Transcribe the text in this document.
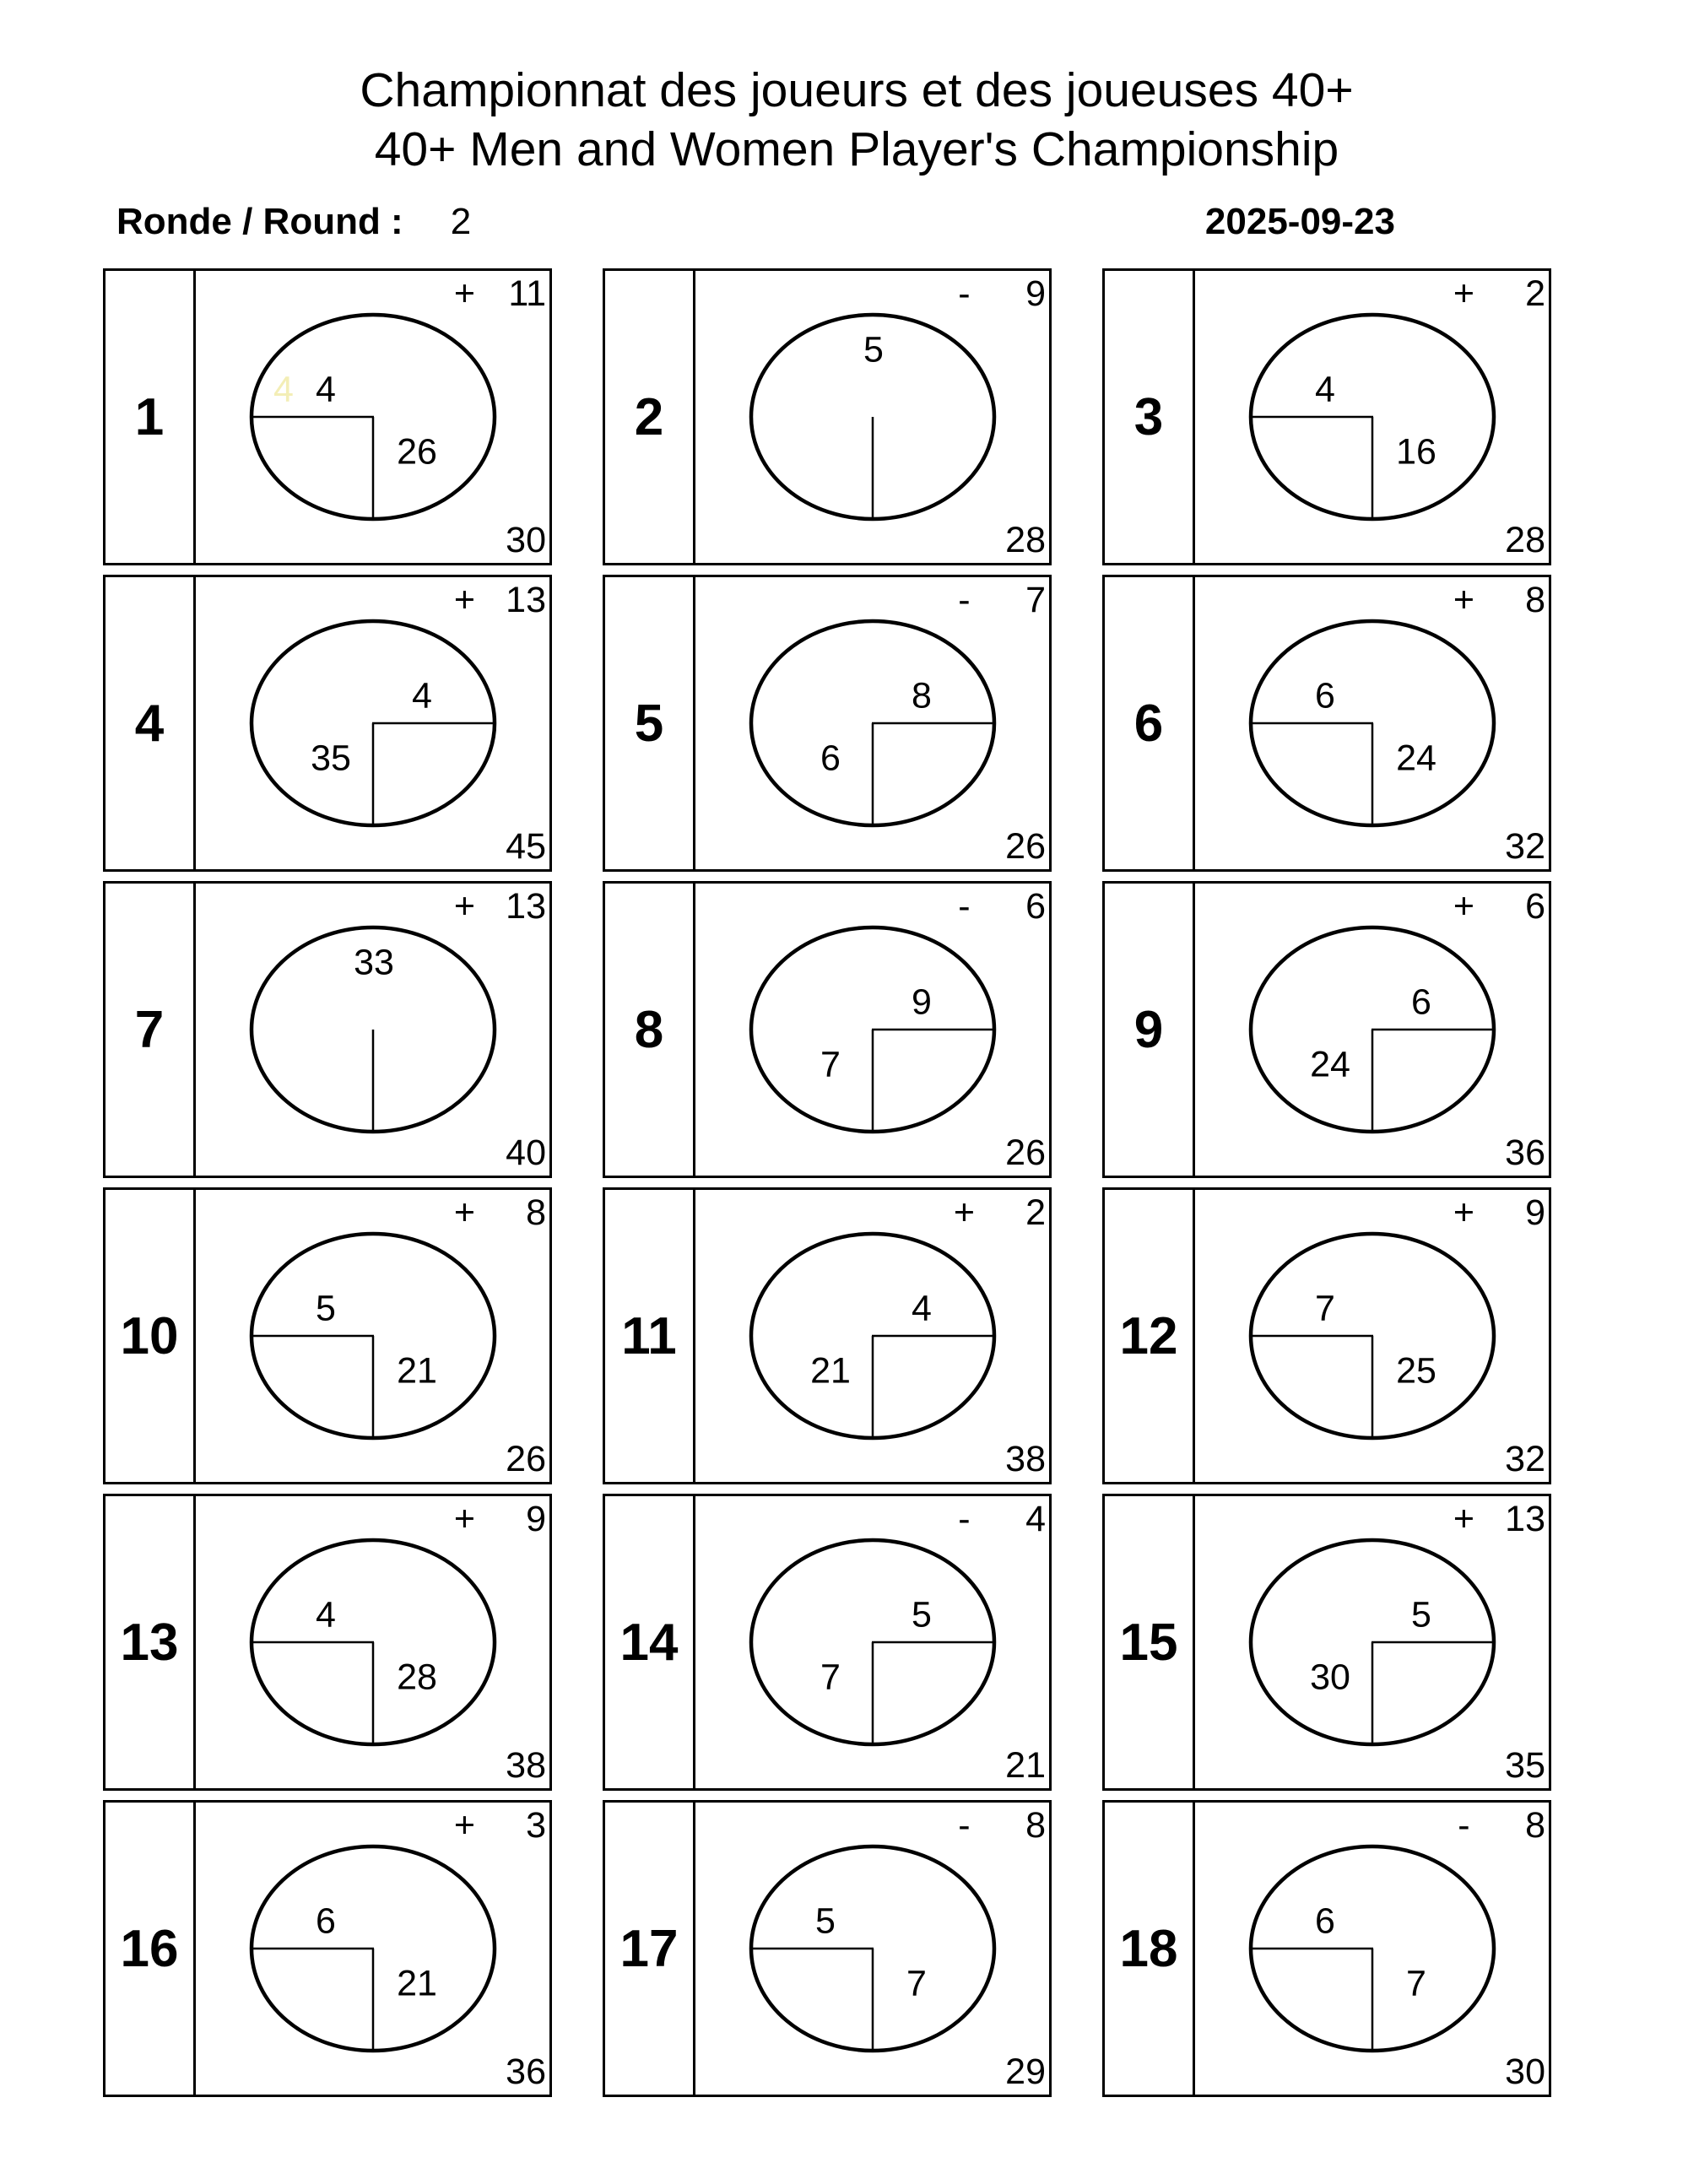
Championnat des joueurs et des joueuses 40+
40+ Men and Women Player's Championship
Ronde / Round : 2	2025-09-23
1
+ 11
30
4 4
26
2
- 9
28
5
3
+ 2
28
4
16
4
+ 13
45
4
35
5
- 7
26
8
6
6
+ 8
32
6
24
7
+ 13
40
33
8
- 6
26
9
7
9
+ 6
36
6
24
10
+ 8
26
5
21
11
+ 2
38
4
21
12
+ 9
32
7
25
13
+ 9
38
4
28
14
- 4
21
5
7
15
+ 13
35
5
30
16
+ 3
36
6
21
17
- 8
29
5
7
18
- 8
30
6
7
